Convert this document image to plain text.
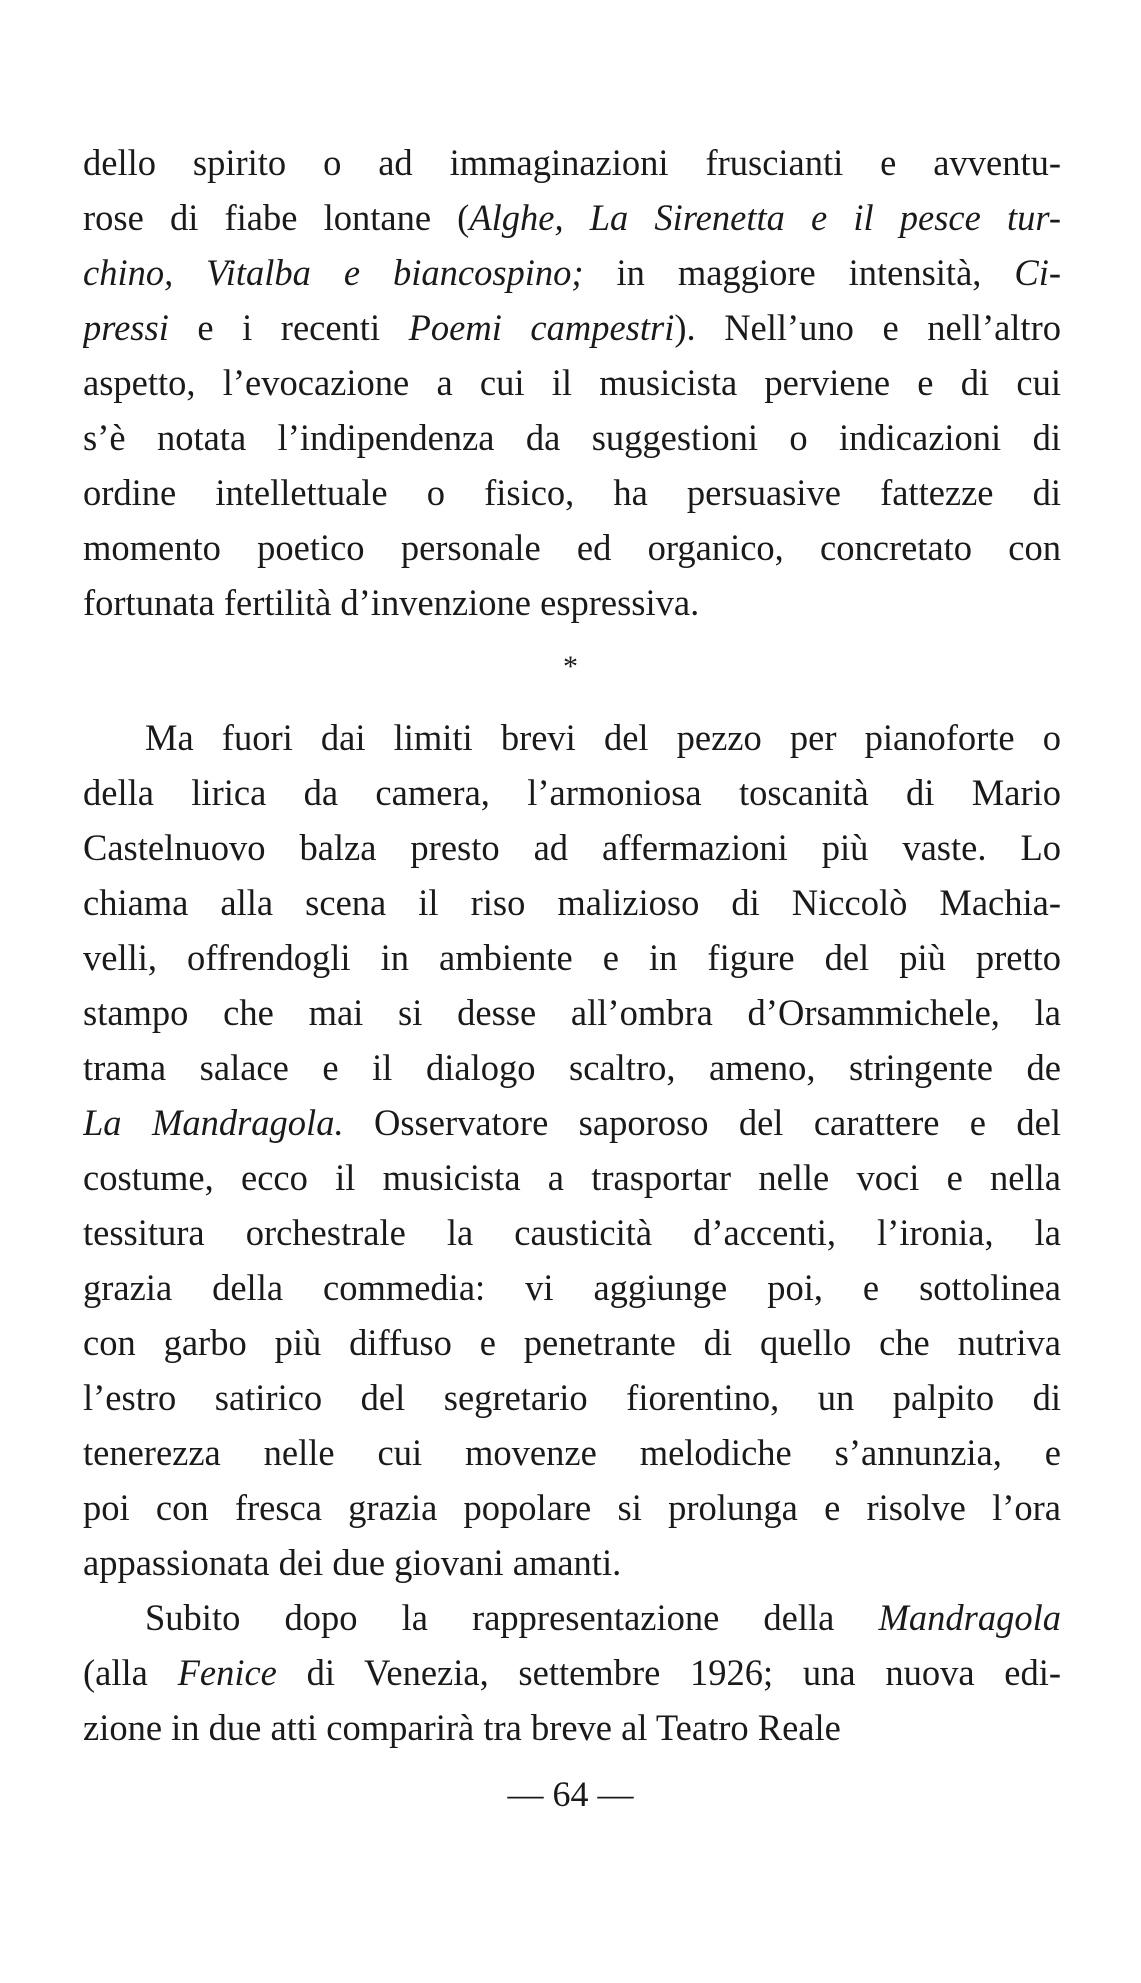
dello spirito o ad immaginazioni fruscianti e avventu-
rose di fiabe lontane (Alghe, La Sirenetta e il pesce tur-
chino, Vitalba e biancospino; in maggiore intensità, Ci-
pressi e i recenti Poemi campestri). Nell’uno e nell’altro
aspetto, l’evocazione a cui il musicista perviene e di cui
s’è notata l’indipendenza da suggestioni o indicazioni di
ordine intellettuale o fisico, ha persuasive fattezze di
momento poetico personale ed organico, concretato con
fortunata fertilità d’invenzione espressiva.
*
Ma fuori dai limiti brevi del pezzo per pianoforte o
della lirica da camera, l’armoniosa toscanità di Mario
Castelnuovo balza presto ad affermazioni più vaste. Lo
chiama alla scena il riso malizioso di Niccolò Machia-
velli, offrendogli in ambiente e in figure del più pretto
stampo che mai si desse all’ombra d’Orsammichele, la
trama salace e il dialogo scaltro, ameno, stringente de
La Mandragola. Osservatore saporoso del carattere e del
costume, ecco il musicista a trasportar nelle voci e nella
tessitura orchestrale la causticità d’accenti, l’ironia, la
grazia della commedia: vi aggiunge poi, e sottolinea
con garbo più diffuso e penetrante di quello che nutriva
l’estro satirico del segretario fiorentino, un palpito di
tenerezza nelle cui movenze melodiche s’annunzia, e
poi con fresca grazia popolare si prolunga e risolve l’ora
appassionata dei due giovani amanti.
Subito dopo la rappresentazione della Mandragola
(alla Fenice di Venezia, settembre 1926; una nuova edi-
zione in due atti comparirà tra breve al Teatro Reale
— 64 —
